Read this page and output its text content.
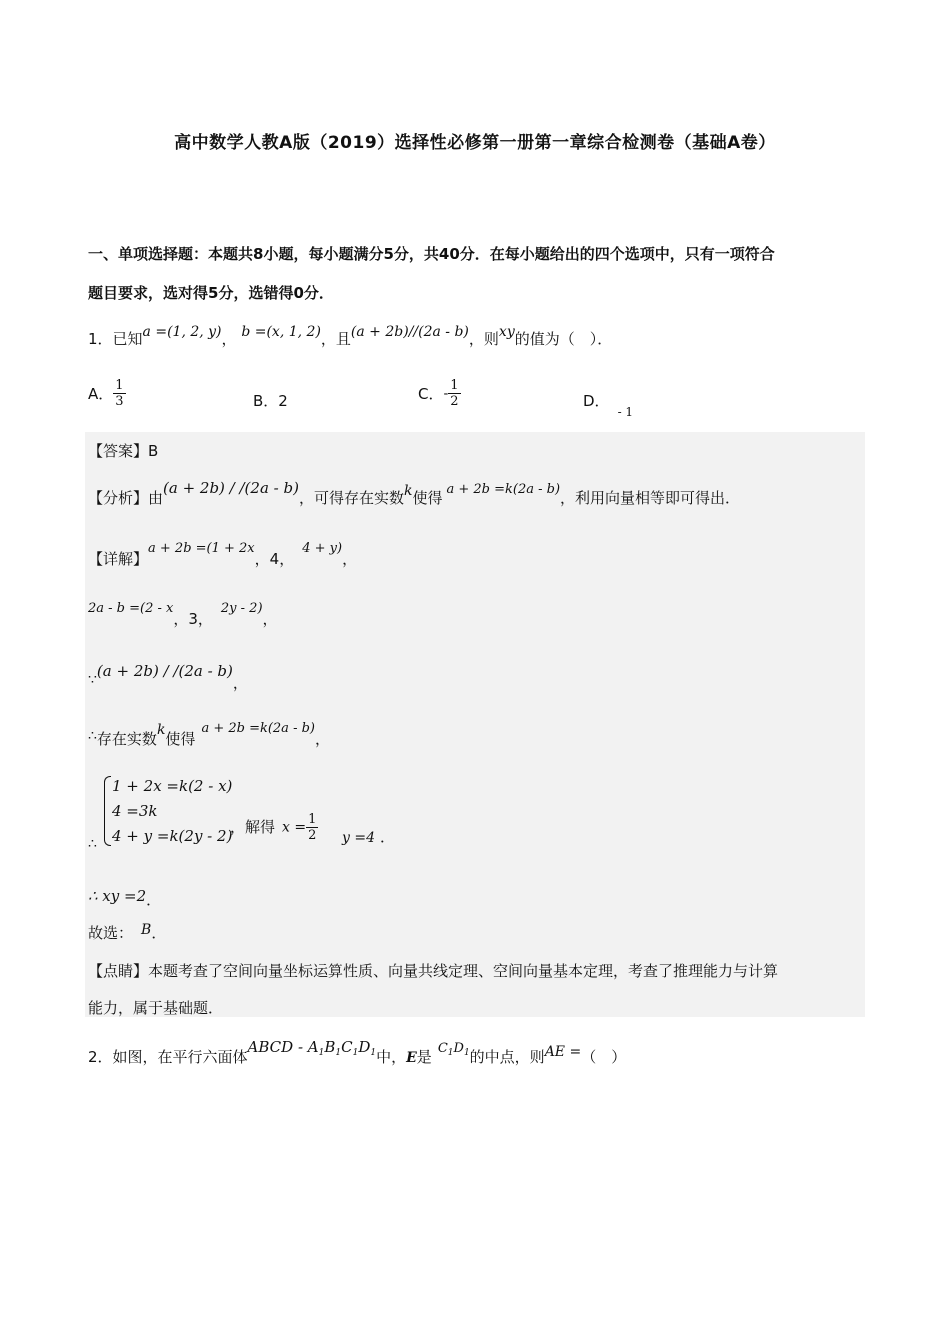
高中数学人教A版（2019）选择性必修第一册第一章综合检测卷（基础A卷）
一、单项选择题：本题共8小题，每小题满分5分，共40分．在每小题给出的四个选项中，只有一项符合
题目要求，选对得5分，选错得0分．
1．已知a =(1, 2, y)， b =(x, 1, 2)，且(a + 2b)//(2a - b)，则xy的值为（　）．
A． $\frac{1}{3}$	B．2	C．- $\frac{1}{2}$	D．$_{- 1}$
【答案】B
【分析】由(a + 2b) / /(2a - b)，可得存在实数k使得 a + 2b =k(2a - b)，利用向量相等即可得出．
【详解】a + 2b =(1 + 2x，4，4 + y)，
2a - b =(2 - x，3，2y - 2)，
∵(a + 2b) / /(2a - b)，
∴存在实数k使得a + 2b =k(2a - b)，
1 + 2x =k(2 - x)
4 =3k
4 + y =k(2y - 2)
∴
，解得 $x = \frac{1}{2}$ y =4 ．
∴ xy =2．
故选： B．
【点睛】本题考查了空间向量坐标运算性质、向量共线定理、空间向量基本定理，考查了推理能力与计算
能力，属于基础题．
2．如图，在平行六面体ABCD - $A_1B_1C_1D_1$中，E是 $C_1D_1$的中点，则AE =（　）
